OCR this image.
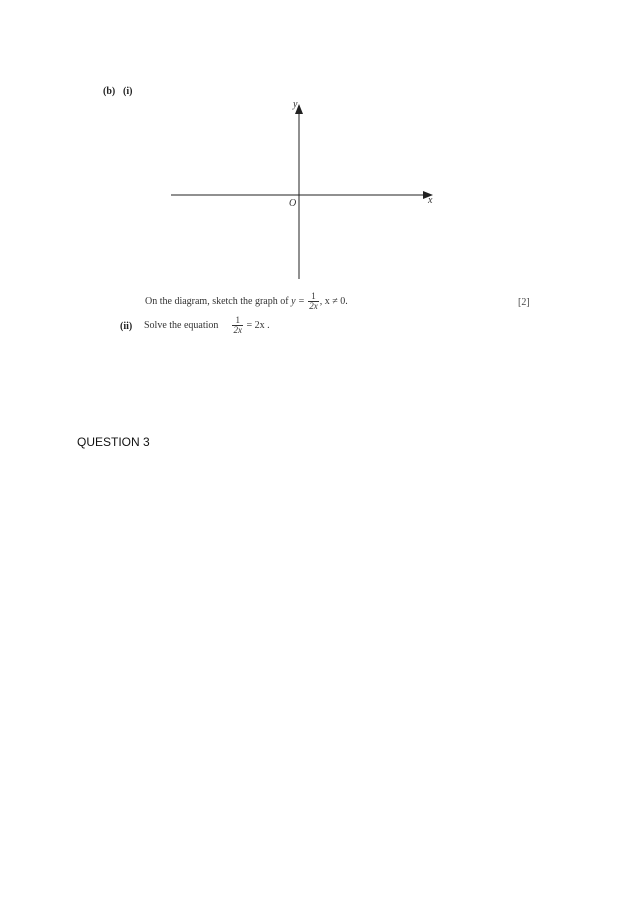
(b) (i)
y
x
O
On the diagram, sketch the graph of $y = \frac{1}{2x}$ , x ≠ 0.	[2]
(ii) Solve the equation $\frac{1}{2x} = 2x$ .
QUESTION 3
